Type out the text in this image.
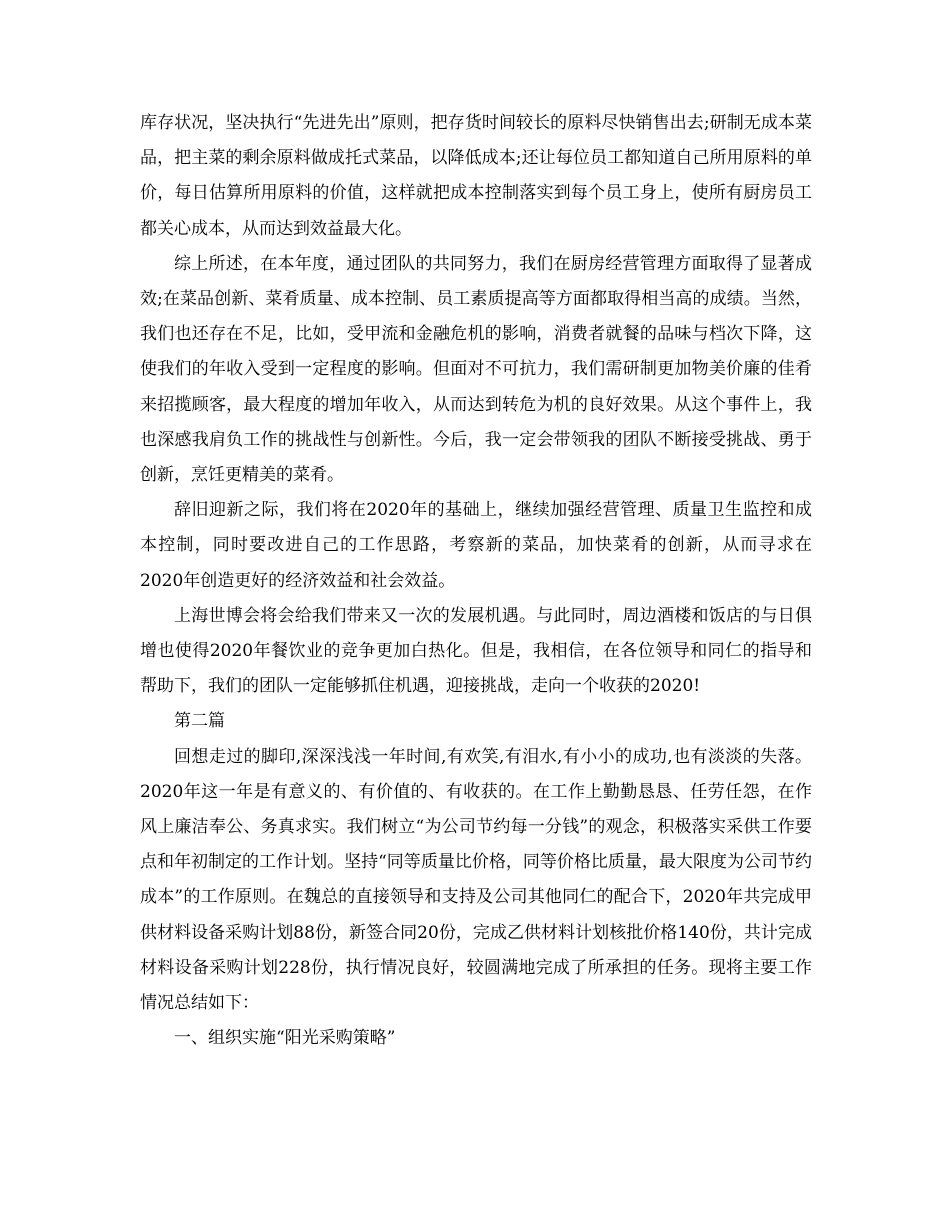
库存状况，坚决执行“先进先出”原则，把存货时间较长的原料尽快销售出去;研制无成本菜品，把主菜的剩余原料做成托式菜品，以降低成本;还让每位员工都知道自己所用原料的单价，每日估算所用原料的价值，这样就把成本控制落实到每个员工身上，使所有厨房员工都关心成本，从而达到效益最大化。

综上所述，在本年度，通过团队的共同努力，我们在厨房经营管理方面取得了显著成效;在菜品创新、菜肴质量、成本控制、员工素质提高等方面都取得相当高的成绩。当然，我们也还存在不足，比如，受甲流和金融危机的影响，消费者就餐的品味与档次下降，这使我们的年收入受到一定程度的影响。但面对不可抗力，我们需研制更加物美价廉的佳肴来招揽顾客，最大程度的增加年收入，从而达到转危为机的良好效果。从这个事件上，我也深感我肩负工作的挑战性与创新性。今后，我一定会带领我的团队不断接受挑战、勇于创新，烹饪更精美的菜肴。

辞旧迎新之际，我们将在2020年的基础上，继续加强经营管理、质量卫生监控和成本控制，同时要改进自己的工作思路，考察新的菜品，加快菜肴的创新，从而寻求在2020年创造更好的经济效益和社会效益。

上海世博会将会给我们带来又一次的发展机遇。与此同时，周边酒楼和饭店的与日俱增也使得2020年餐饮业的竞争更加白热化。但是，我相信，在各位领导和同仁的指导和帮助下，我们的团队一定能够抓住机遇，迎接挑战，走向一个收获的2020!

第二篇

回想走过的脚印,深深浅浅一年时间,有欢笑,有泪水,有小小的成功,也有淡淡的失落。2020年这一年是有意义的、有价值的、有收获的。在工作上勤勤恳恳、任劳任怨，在作风上廉洁奉公、务真求实。我们树立“为公司节约每一分钱”的观念，积极落实采供工作要点和年初制定的工作计划。坚持“同等质量比价格，同等价格比质量，最大限度为公司节约成本”的工作原则。在魏总的直接领导和支持及公司其他同仁的配合下，2020年共完成甲供材料设备采购计划88份，新签合同20份，完成乙供材料计划核批价格140份，共计完成材料设备采购计划228份，执行情况良好，较圆满地完成了所承担的任务。现将主要工作情况总结如下：

一、组织实施“阳光采购策略”
